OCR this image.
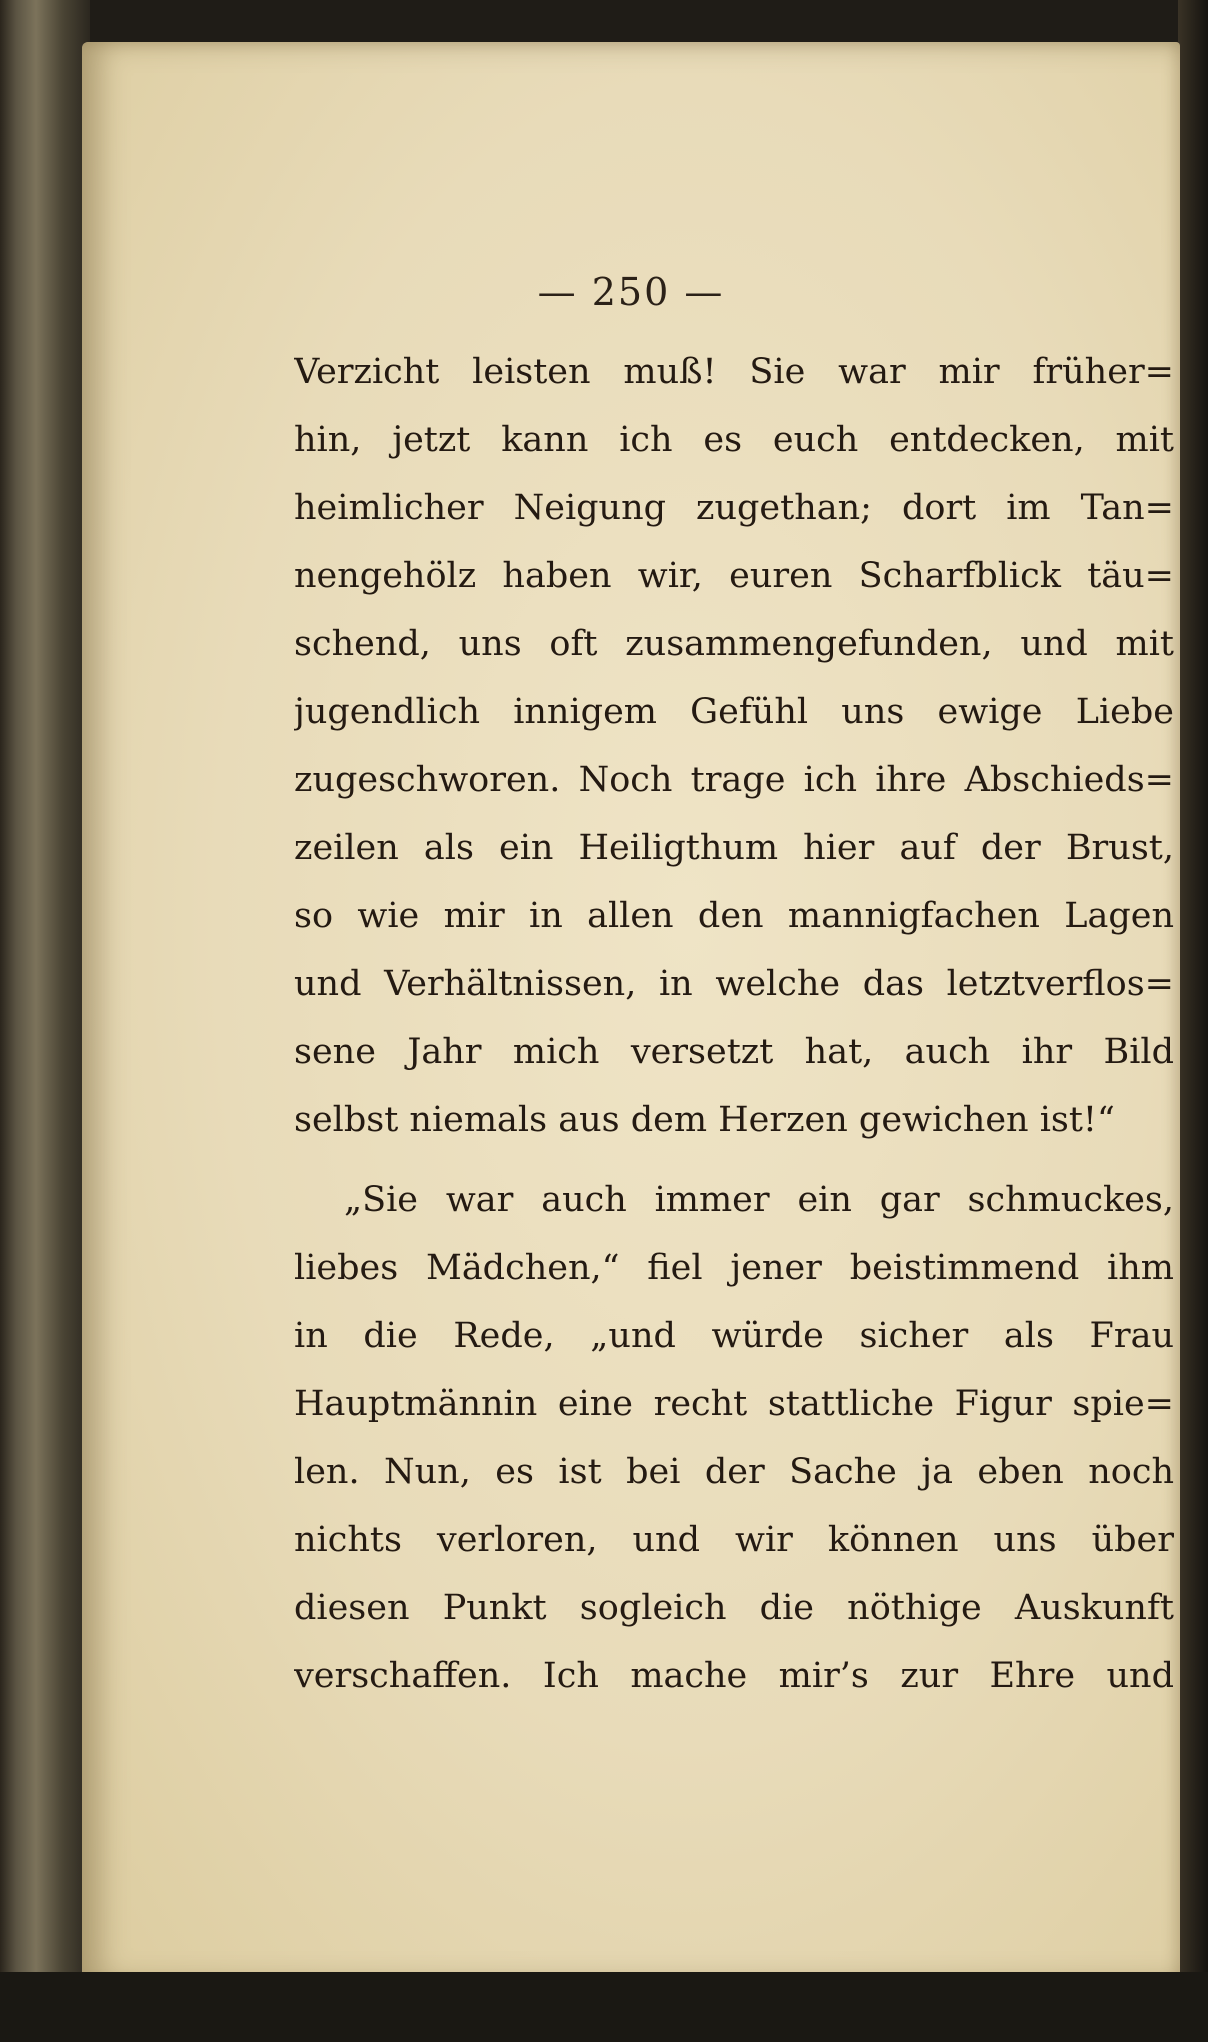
— 250 —
Verzicht leisten muß! Sie war mir früher=
hin, jetzt kann ich es euch entdecken, mit
heimlicher Neigung zugethan; dort im Tan=
nengehölz haben wir, euren Scharfblick täu=
schend, uns oft zusammengefunden, und mit
jugendlich innigem Gefühl uns ewige Liebe
zugeschworen. Noch trage ich ihre Abschieds=
zeilen als ein Heiligthum hier auf der Brust,
so wie mir in allen den mannigfachen Lagen
und Verhältnissen, in welche das letztverflos=
sene Jahr mich versetzt hat, auch ihr Bild
selbst niemals aus dem Herzen gewichen ist!“
„Sie war auch immer ein gar schmuckes,
liebes Mädchen,“ fiel jener beistimmend ihm
in die Rede, „und würde sicher als Frau
Hauptmännin eine recht stattliche Figur spie=
len. Nun, es ist bei der Sache ja eben noch
nichts verloren, und wir können uns über
diesen Punkt sogleich die nöthige Auskunft
verschaffen. Ich mache mir’s zur Ehre und
